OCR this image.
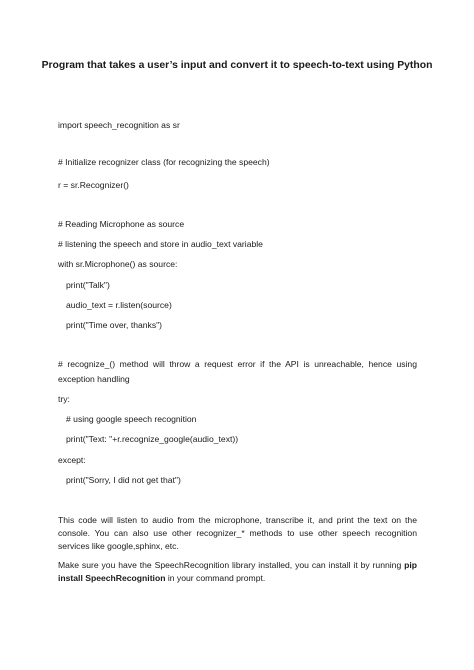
Program that takes a user’s input and convert it to speech-to-text using Python

import speech_recognition as sr

# Initialize recognizer class (for recognizing the speech)

r = sr.Recognizer()

# Reading Microphone as source

# listening the speech and store in audio_text variable

with sr.Microphone() as source:

print("Talk")

audio_text = r.listen(source)

print("Time over, thanks")

# recognize_() method will throw a request error if the API is unreachable, hence using exception handling

try:

# using google speech recognition

print("Text: "+r.recognize_google(audio_text))

except:

print("Sorry, I did not get that")

This code will listen to audio from the microphone, transcribe it, and print the text on the console. You can also use other recognizer_* methods to use other speech recognition services like google,sphinx, etc.

Make sure you have the SpeechRecognition library installed, you can install it by running pip install SpeechRecognition in your command prompt.
